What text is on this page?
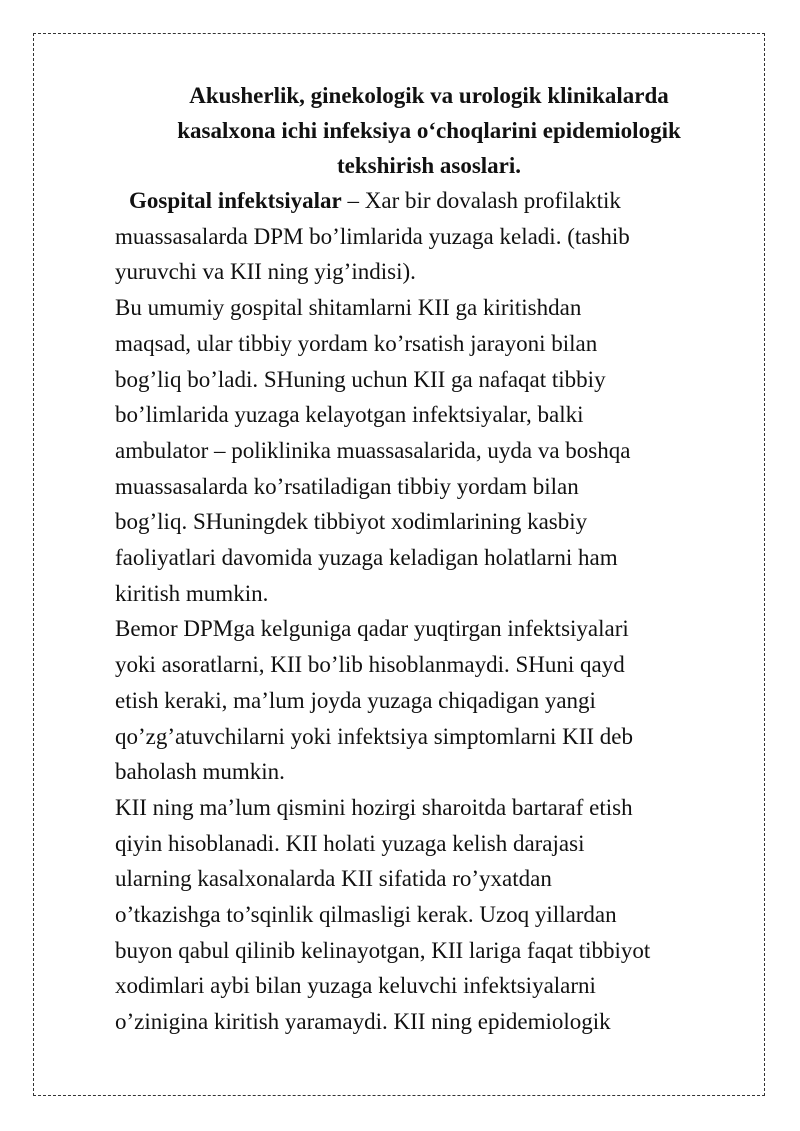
Akusherlik, ginekologik va urologik klinikalarda
kasalxona ichi infeksiya o‘choqlarini epidemiologik
tekshirish asoslari.
Gospital infektsiyalar – Xar bir dovalash profilaktik
muassasalarda DPM bo’limlarida yuzaga keladi. (tashib
yuruvchi va KII ning yig’indisi).
Bu umumiy gospital shitamlarni KII ga kiritishdan
maqsad, ular tibbiy yordam ko’rsatish jarayoni bilan
bog’liq bo’ladi. SHuning uchun KII ga nafaqat tibbiy
bo’limlarida yuzaga kelayotgan infektsiyalar, balki
ambulator – poliklinika muassasalarida, uyda va boshqa
muassasalarda ko’rsatiladigan tibbiy yordam bilan
bog’liq. SHuningdek tibbiyot xodimlarining kasbiy
faoliyatlari davomida yuzaga keladigan holatlarni ham
kiritish mumkin.
Bemor DPMga kelguniga qadar yuqtirgan infektsiyalari
yoki asoratlarni, KII bo’lib hisoblanmaydi. SHuni qayd
etish keraki, ma’lum joyda yuzaga chiqadigan yangi
qo’zg’atuvchilarni yoki infektsiya simptomlarni KII deb
baholash mumkin.
KII ning ma’lum qismini hozirgi sharoitda bartaraf etish
qiyin hisoblanadi. KII holati yuzaga kelish darajasi
ularning kasalxonalarda KII sifatida ro’yxatdan
o’tkazishga to’sqinlik qilmasligi kerak. Uzoq yillardan
buyon qabul qilinib kelinayotgan, KII lariga faqat tibbiyot
xodimlari aybi bilan yuzaga keluvchi infektsiyalarni
o’zinigina kiritish yaramaydi. KII ning epidemiologik
